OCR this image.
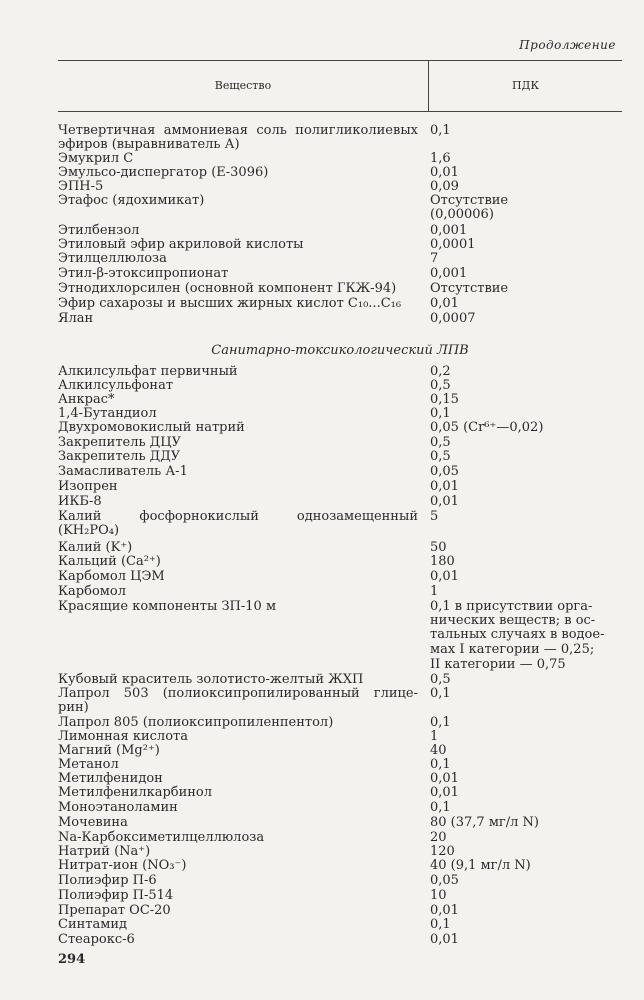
Продолжение
Вещество	ПДК
Четвертичная аммониевая соль полигликолиевых 0,1
эфиров (выравниватель А)
Эмукрил С	1,6
Эмульсо-диспергатор (Е-3096)	0,01
ЭПН-5	0,09
Этафос (ядохимикат)	Отсутствие
(0,00006)
Этилбензол	0,001
Этиловый эфир акриловой кислоты	0,0001
Этилцеллюлоза	7
Этил-β-этоксипропионат	0,001
Этнодихлорсилен (основной компонент ГКЖ-94)	Отсутствие
Эфир сахарозы и высших жирных кислот С₁₀...С₁₆	0,01
Ялан	0,0007
Санитарно-токсикологический ЛПВ
Алкилсульфат первичный	0,2
Алкилсульфонат	0,5
Анкрас*	0,15
1,4-Бутандиол	0,1
Двухромовокислый натрий	0,05 (Cr⁶⁺—0,02)
Закрепитель ДЦУ	0,5
Закрепитель ДДУ	0,5
Замасливатель А-1	0,05
Изопрен	0,01
ИКБ-8	0,01
Калий фосфорнокислый однозамещенный 5
(KH₂PO₄)
Калий (K⁺)	50
Кальций (Ca²⁺)	180
Карбомол ЦЭМ	0,01
Карбомол	1
Красящие компоненты ЗП-10 м	0,1 в присутствии орга-
нических веществ; в ос-
тальных случаях в водое-
мах I категории — 0,25;
II категории — 0,75
Кубовый краситель золотисто-желтый ЖХП	0,5
Лапрол 503 (полиоксипропилированный глице- 0,1
рин)
Лапрол 805 (полиоксипропиленпентол)	0,1
Лимонная кислота	1
Магний (Mg²⁺)	40
Метанол	0,1
Метилфенидон	0,01
Метилфенилкарбинол	0,01
Моноэтаноламин	0,1
Мочевина	80 (37,7 мг/л N)
Na-Карбоксиметилцеллюлоза	20
Натрий (Na⁺)	120
Нитрат-ион (NO₃⁻)	40 (9,1 мг/л N)
Полиэфир П-6	0,05
Полиэфир П-514	10
Препарат ОС-20	0,01
Синтамид	0,1
Стеарокс-6	0,01
294
